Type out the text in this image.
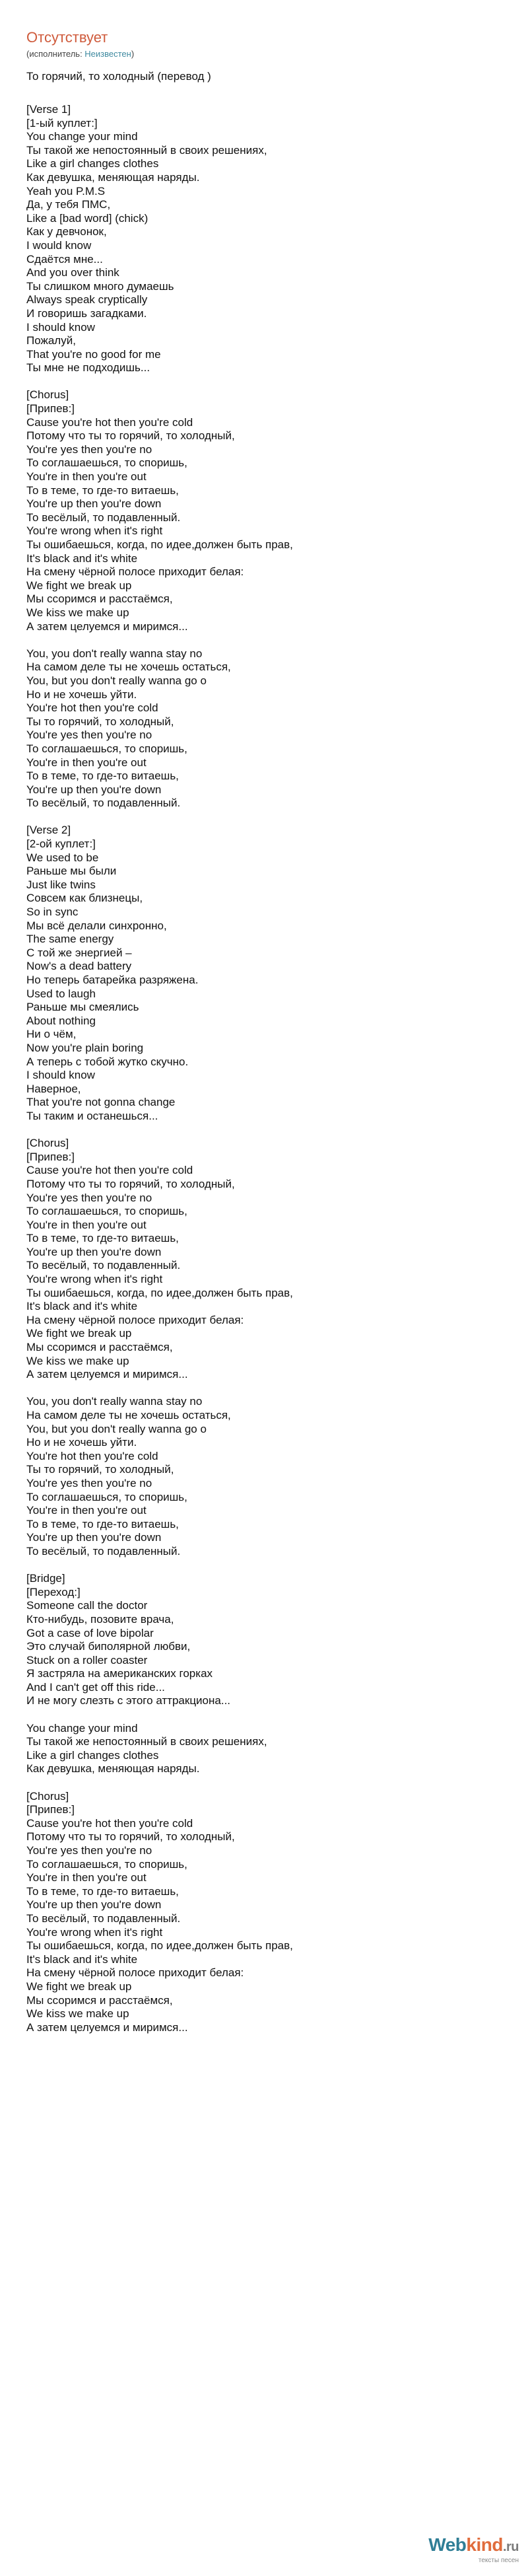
Отсутствует
(исполнитель: Неизвестен)
То горячий, то холодный (перевод )
[Verse 1]
[1-ый куплет:]
You change your mind
Ты такой же непостоянный в своих решениях,
Like a girl changes clothes
Как девушка, меняющая наряды.
Yeah you P.M.S
Да, у тебя ПМС,
Like a [bad word] (chick)
Как у девчонок,
I would know
Сдаётся мне...
And you over think
Ты слишком много думаешь
Always speak cryptically
И говоришь загадками.
I should know
Пожалуй,
That you're no good for me
Ты мне не подходишь...
[Chorus]
[Припев:]
Cause you're hot then you're cold
Потому что ты то горячий, то холодный,
You're yes then you're no
То соглашаешься, то споришь,
You're in then you're out
То в теме, то где-то витаешь,
You're up then you're down
То весёлый, то подавленный.
You're wrong when it's right
Ты ошибаешься, когда, по идее,должен быть прав,
It's black and it's white
На смену чёрной полосе приходит белая:
We fight we break up
Мы ссоримся и расстаёмся,
We kiss we make up
А затем целуемся и миримся...
You, you don't really wanna stay no
На самом деле ты не хочешь остаться,
You, but you don't really wanna go o
Но и не хочешь уйти.
You're hot then you're cold
Ты то горячий, то холодный,
You're yes then you're no
То соглашаешься, то споришь,
You're in then you're out
То в теме, то где-то витаешь,
You're up then you're down
То весёлый, то подавленный.
[Verse 2]
[2-ой куплет:]
We used to be
Раньше мы были
Just like twins
Совсем как близнецы,
So in sync
Мы всё делали синхронно,
The same energy
С той же энергией –
Now's a dead battery
Но теперь батарейка разряжена.
Used to laugh
Раньше мы смеялись
About nothing
Ни о чём,
Now you're plain boring
А теперь с тобой жутко скучно.
I should know
Наверное,
That you're not gonna change
Ты таким и останешься...
[Chorus]
[Припев:]
Cause you're hot then you're cold
Потому что ты то горячий, то холодный,
You're yes then you're no
То соглашаешься, то споришь,
You're in then you're out
То в теме, то где-то витаешь,
You're up then you're down
То весёлый, то подавленный.
You're wrong when it's right
Ты ошибаешься, когда, по идее,должен быть прав,
It's black and it's white
На смену чёрной полосе приходит белая:
We fight we break up
Мы ссоримся и расстаёмся,
We kiss we make up
А затем целуемся и миримся...
You, you don't really wanna stay no
На самом деле ты не хочешь остаться,
You, but you don't really wanna go o
Но и не хочешь уйти.
You're hot then you're cold
Ты то горячий, то холодный,
You're yes then you're no
То соглашаешься, то споришь,
You're in then you're out
То в теме, то где-то витаешь,
You're up then you're down
То весёлый, то подавленный.
[Bridge]
[Переход:]
Someone call the doctor
Кто-нибудь, позовите врача,
Got a case of love bipolar
Это случай биполярной любви,
Stuck on a roller coaster
Я застряла на американских горках
And I can't get off this ride...
И не могу слезть с этого аттракциона...
You change your mind
Ты такой же непостоянный в своих решениях,
Like a girl changes clothes
Как девушка, меняющая наряды.
[Chorus]
[Припев:]
Cause you're hot then you're cold
Потому что ты то горячий, то холодный,
You're yes then you're no
То соглашаешься, то споришь,
You're in then you're out
То в теме, то где-то витаешь,
You're up then you're down
То весёлый, то подавленный.
You're wrong when it's right
Ты ошибаешься, когда, по идее,должен быть прав,
It's black and it's white
На смену чёрной полосе приходит белая:
We fight we break up
Мы ссоримся и расстаёмся,
We kiss we make up
А затем целуемся и миримся...
Webkind.ru
тексты песен
